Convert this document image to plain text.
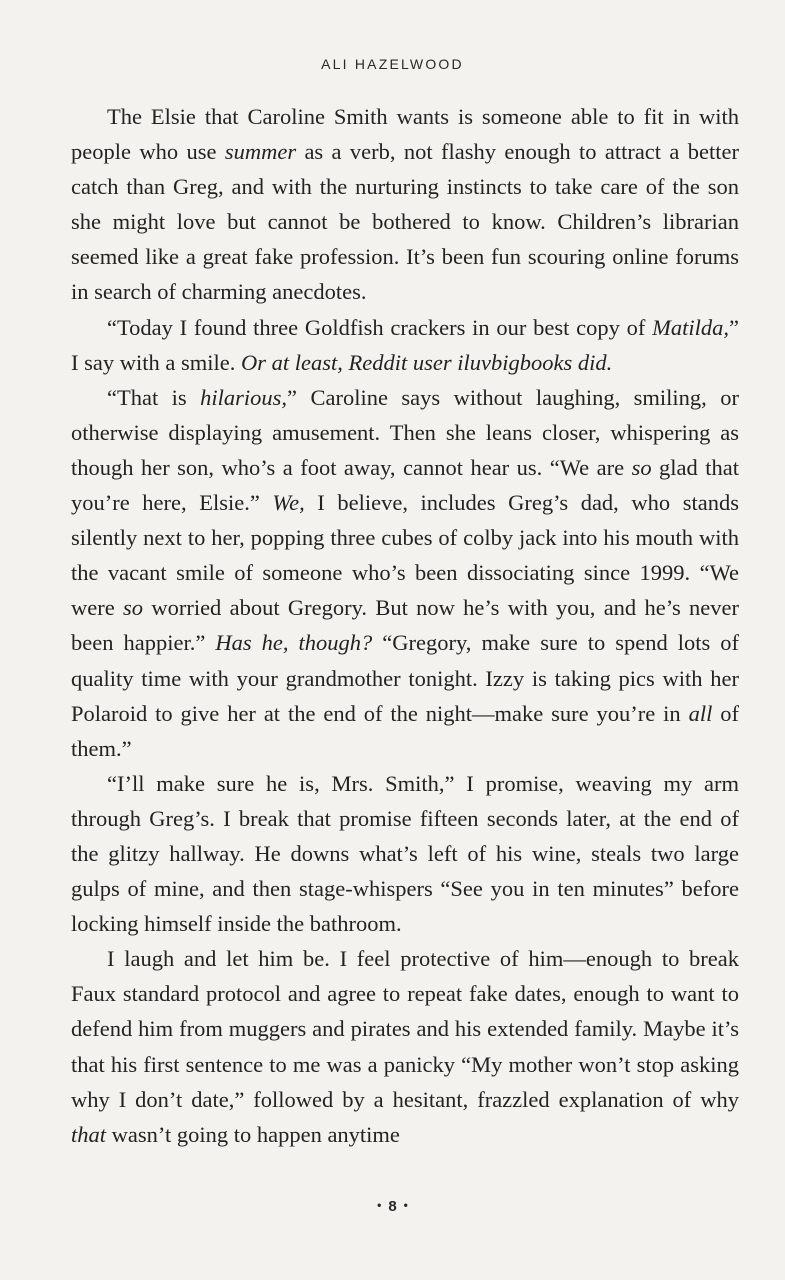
ALI HAZELWOOD

The Elsie that Caroline Smith wants is someone able to fit in with people who use summer as a verb, not flashy enough to attract a better catch than Greg, and with the nurturing instincts to take care of the son she might love but cannot be bothered to know. Children’s librarian seemed like a great fake profession. It’s been fun scouring online forums in search of charming anecdotes.

“Today I found three Goldfish crackers in our best copy of Matilda,” I say with a smile. Or at least, Reddit user iluvbigbooks did.

“That is hilarious,” Caroline says without laughing, smiling, or otherwise displaying amusement. Then she leans closer, whispering as though her son, who’s a foot away, cannot hear us. “We are so glad that you’re here, Elsie.” We, I believe, includes Greg’s dad, who stands silently next to her, popping three cubes of colby jack into his mouth with the vacant smile of someone who’s been dissociating since 1999. “We were so worried about Gregory. But now he’s with you, and he’s never been happier.” Has he, though? “Gregory, make sure to spend lots of quality time with your grandmother tonight. Izzy is taking pics with her Polaroid to give her at the end of the night—make sure you’re in all of them.”

“I’ll make sure he is, Mrs. Smith,” I promise, weaving my arm through Greg’s. I break that promise fifteen seconds later, at the end of the glitzy hallway. He downs what’s left of his wine, steals two large gulps of mine, and then stage-whispers “See you in ten minutes” before locking himself inside the bathroom.

I laugh and let him be. I feel protective of him—enough to break Faux standard protocol and agree to repeat fake dates, enough to want to defend him from muggers and pirates and his extended family. Maybe it’s that his first sentence to me was a panicky “My mother won’t stop asking why I don’t date,” followed by a hesitant, frazzled explanation of why that wasn’t going to happen anytime

• 8 •
